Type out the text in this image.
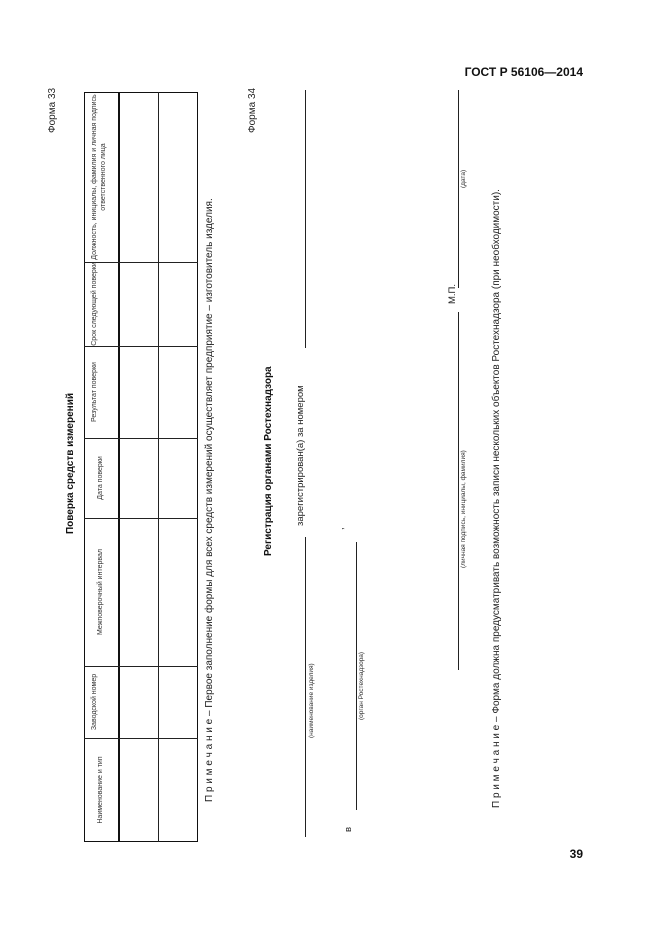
ГОСТ Р 56106—2014
Форма 33
Поверка средств измерений
Должность, инициалы, фамилия и личная подпись ответственного лица
Срок следующей поверки
Результат поверки
Дата поверки
Межповерочный интервал
Заводской номер
Наименование и тип	П р и м е ч а н и е – Первое заполнение формы для всех средств измерений осуществляет предприятие – изготовитель изделия.
Форма 34
Регистрация органами Ростехнадзора
(наименование изделия)
зарегистрирован(а) за номером
,
в
(орган Ростехнадзора)
(личная подпись, инициалы, фамилия)
М.П.
(дата)
П р и м е ч а н и е – Форма должна предусматривать возможность записи нескольких объектов Ростехнадзора (при необходимости).
39
